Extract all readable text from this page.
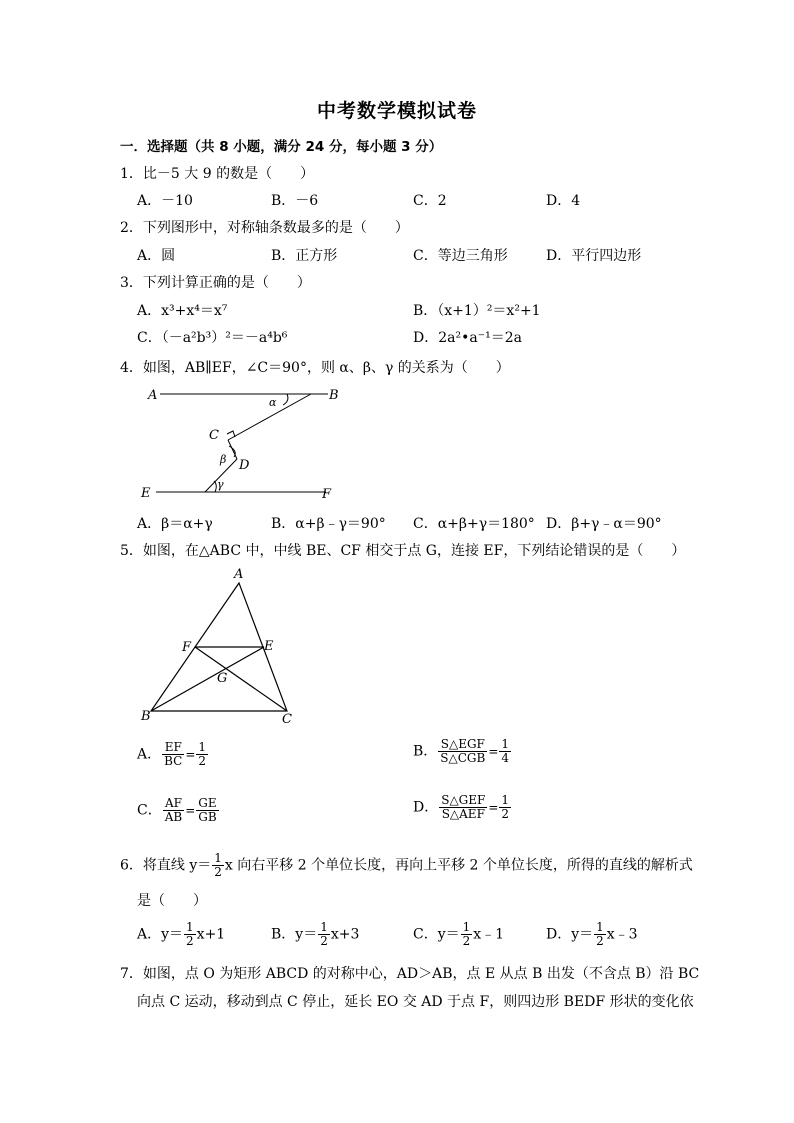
中考数学模拟试卷
一．选择题（共 8 小题，满分 24 分，每小题 3 分）
1．比－5 大 9 的数是（　　）
A．－10	B．－6	C．2	D．4
2．下列图形中，对称轴条数最多的是（　　）
A．圆	B．正方形	C．等边三角形	D．平行四边形
3．下列计算正确的是（　　）
A．x³+x⁴＝x⁷	B．（x+1）²＝x²+1
C．（－a²b³）²＝－a⁴b⁶	D．2a²•a⁻¹＝2a
4．如图，AB∥EF，∠C＝90°，则 α、β、γ 的关系为（　　）
A	B
C
D
E	F
α
β
γ
A．β＝α+γ	B．α+β﹣γ＝90° C．α+β+γ＝180° D．β+γ﹣α＝90°
5．如图，在△ABC 中，中线 BE、CF 相交于点 G，连接 EF，下列结论错误的是（　　）
A
B	C
E
F
G
A． $\frac{EF}{BC} = \frac{1}{2}$	B． $\frac{\text{S△EGF}}{\text{S△CGB}} = \frac{1}{4}$
C． $\frac{AF}{AB} = \frac{GE}{GB}$	D． $\frac{\text{S△GEF}}{\text{S△AEF}} = \frac{1}{2}$
6．将直线 $y= \frac{1}{2}$ x 向右平移 2 个单位长度，再向上平移 2 个单位长度，所得的直线的解析式
是（　　）
A．$y= \frac{1}{2} x+1$	B．$y= \frac{1}{2} x+3$	C．$y= \frac{1}{2}$ x﹣1	D．$y= \frac{1}{2}$ x﹣3
7．如图，点 O 为矩形 ABCD 的对称中心，AD＞AB，点 E 从点 B 出发（不含点 B）沿 BC
向点 C 运动，移动到点 C 停止，延长 EO 交 AD 于点 F，则四边形 BEDF 形状的变化依
